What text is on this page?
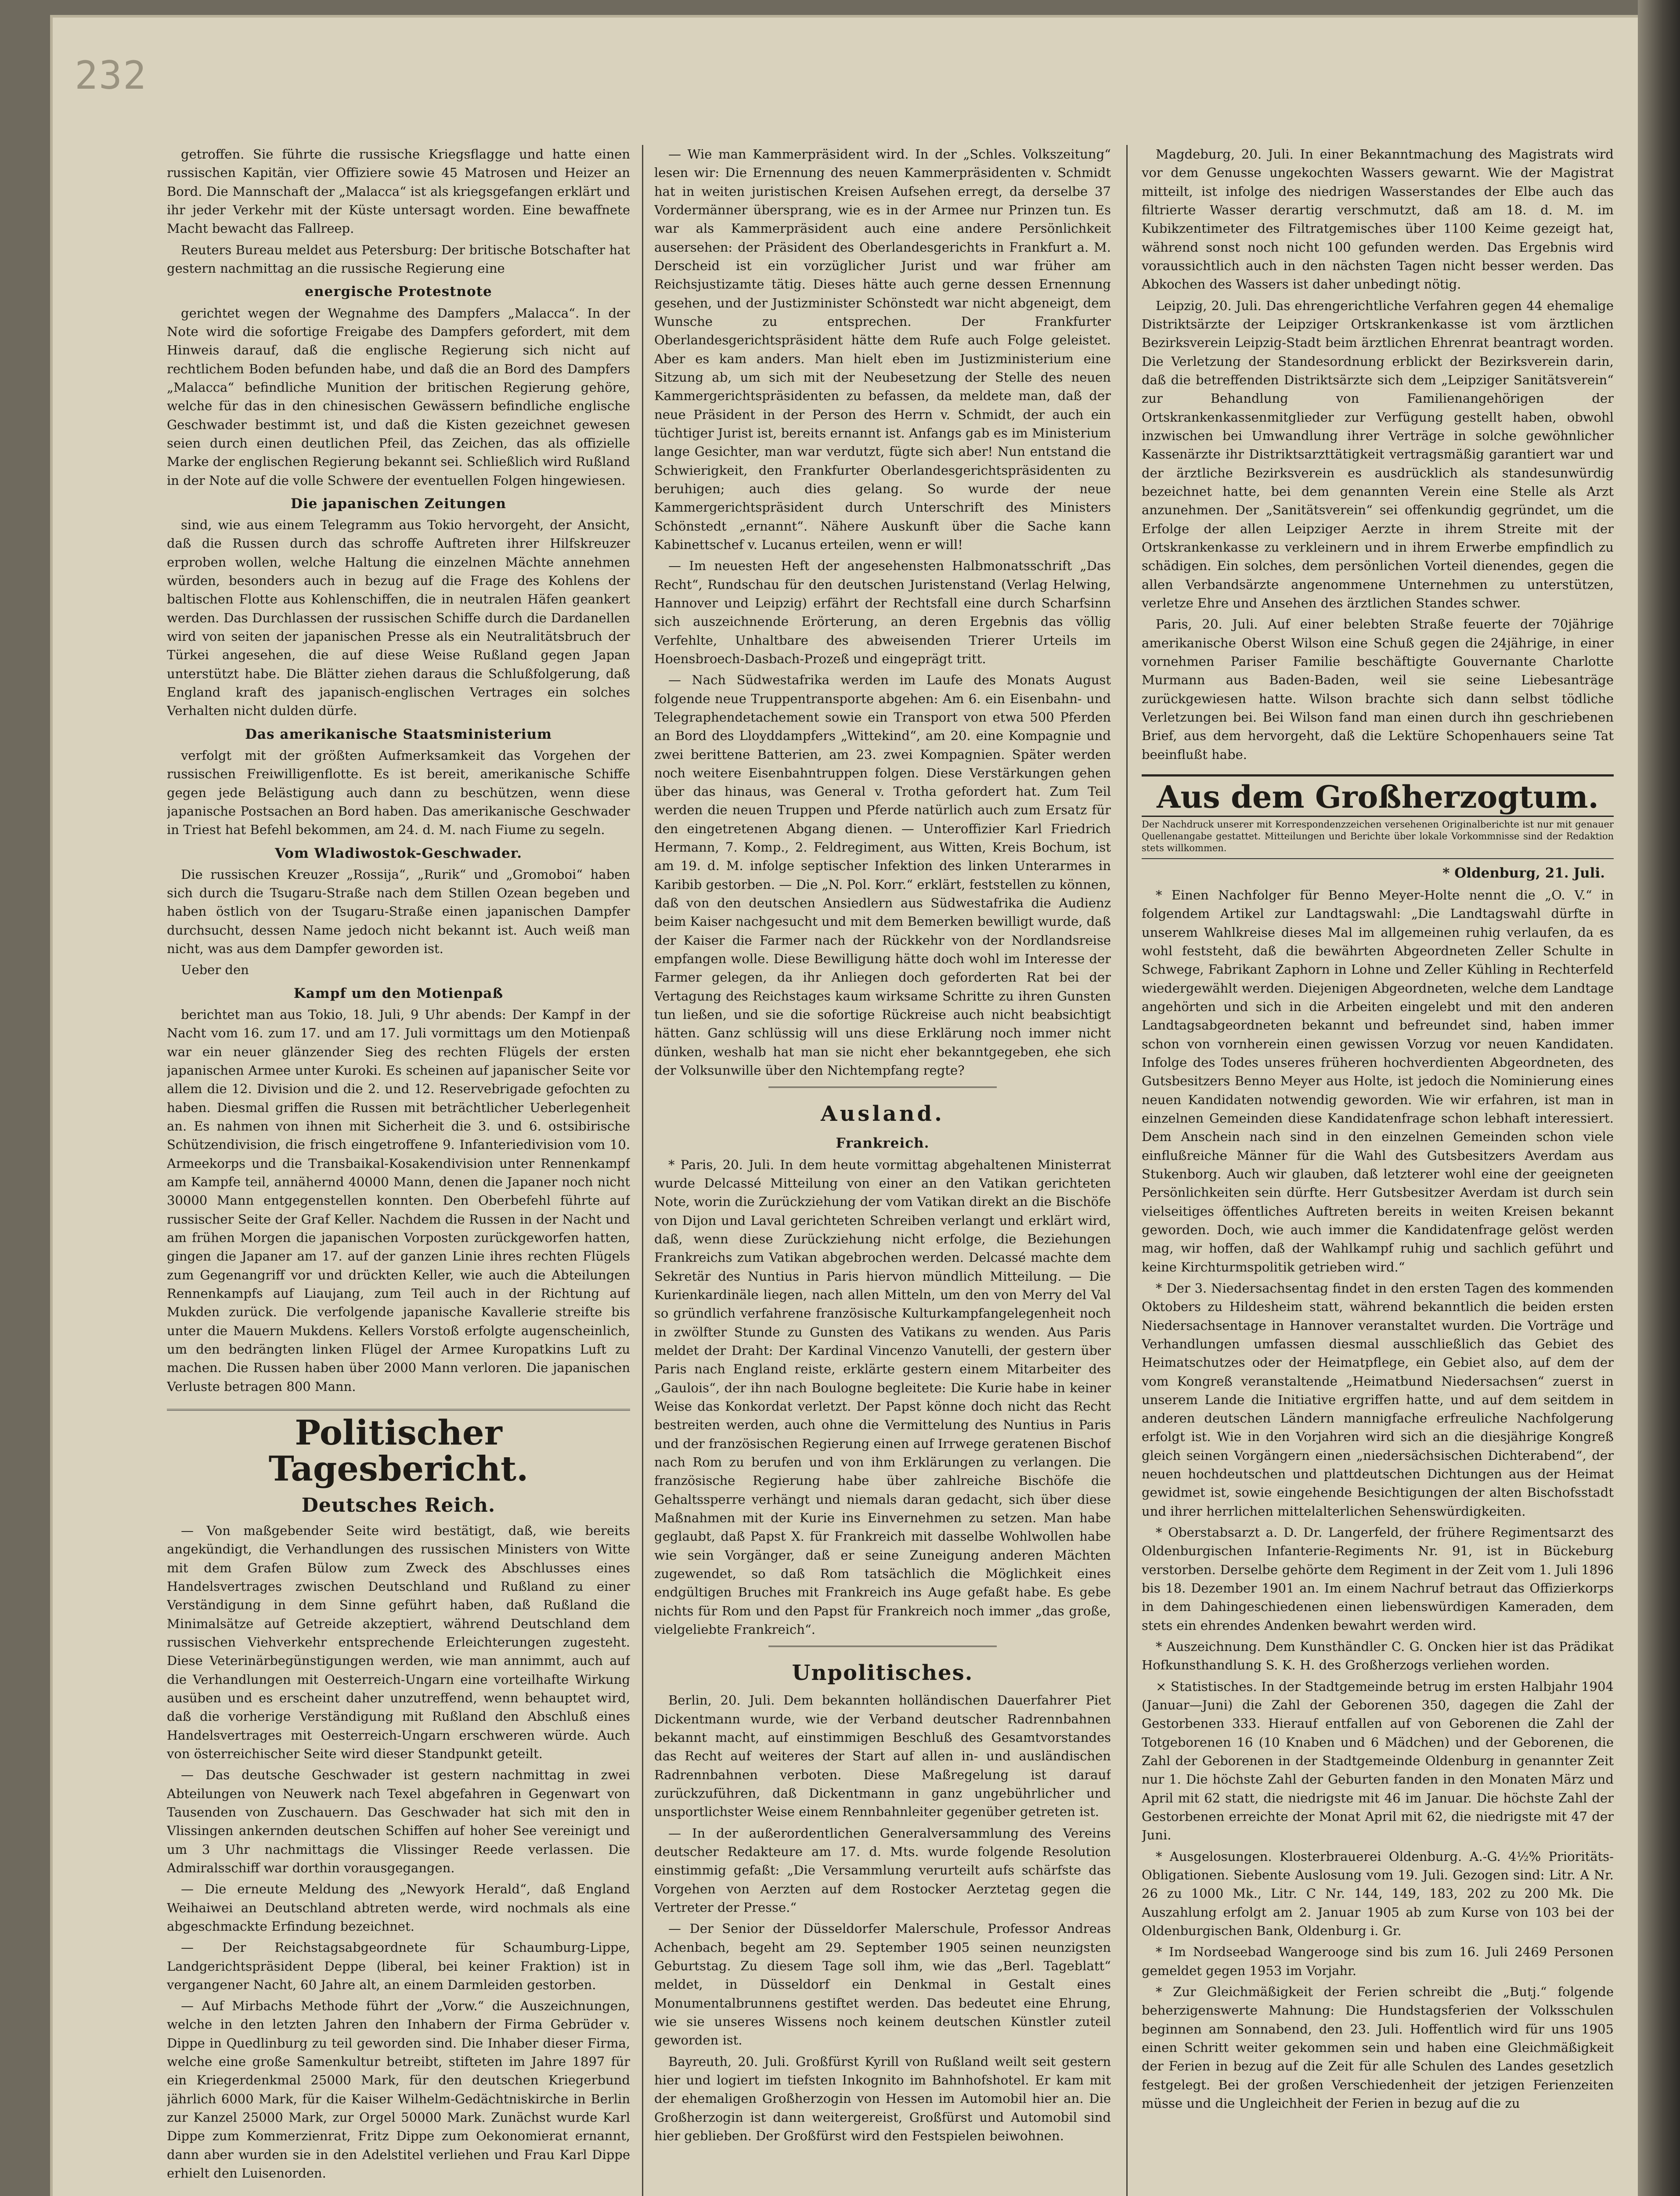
232

getroffen. Sie führte die russische Kriegsflagge und hatte einen russischen Kapitän, vier Offiziere sowie 45 Matrosen und Heizer an Bord. Die Mannschaft der „Malacca“ ist als kriegsgefangen erklärt und ihr jeder Verkehr mit der Küste untersagt worden. Eine bewaffnete Macht bewacht das Fallreep.

Reuters Bureau meldet aus Petersburg: Der britische Botschafter hat gestern nachmittag an die russische Regierung eine

energische Protestnote

gerichtet wegen der Wegnahme des Dampfers „Malacca“. In der Note wird die sofortige Freigabe des Dampfers gefordert, mit dem Hinweis darauf, daß die englische Regierung sich nicht auf rechtlichem Boden befunden habe, und daß die an Bord des Dampfers „Malacca“ befindliche Munition der britischen Regierung gehöre, welche für das in den chinesischen Gewässern befindliche englische Geschwader bestimmt ist, und daß die Kisten gezeichnet gewesen seien durch einen deutlichen Pfeil, das Zeichen, das als offizielle Marke der englischen Regierung bekannt sei. Schließlich wird Rußland in der Note auf die volle Schwere der eventuellen Folgen hingewiesen.

Die japanischen Zeitungen

sind, wie aus einem Telegramm aus Tokio hervorgeht, der Ansicht, daß die Russen durch das schroffe Auftreten ihrer Hilfskreuzer erproben wollen, welche Haltung die einzelnen Mächte annehmen würden, besonders auch in bezug auf die Frage des Kohlens der baltischen Flotte aus Kohlenschiffen, die in neutralen Häfen geankert werden. Das Durchlassen der russischen Schiffe durch die Dardanellen wird von seiten der japanischen Presse als ein Neutralitätsbruch der Türkei angesehen, die auf diese Weise Rußland gegen Japan unterstützt habe. Die Blätter ziehen daraus die Schlußfolgerung, daß England kraft des japanisch-englischen Vertrages ein solches Verhalten nicht dulden dürfe.

Das amerikanische Staatsministerium

verfolgt mit der größten Aufmerksamkeit das Vorgehen der russischen Freiwilligenflotte. Es ist bereit, amerikanische Schiffe gegen jede Belästigung auch dann zu beschützen, wenn diese japanische Postsachen an Bord haben. Das amerikanische Geschwader in Triest hat Befehl bekommen, am 24. d. M. nach Fiume zu segeln.

Vom Wladiwostok-Geschwader.

Die russischen Kreuzer „Rossija“, „Rurik“ und „Gromoboi“ haben sich durch die Tsugaru-Straße nach dem Stillen Ozean begeben und haben östlich von der Tsugaru-Straße einen japanischen Dampfer durchsucht, dessen Name jedoch nicht bekannt ist. Auch weiß man nicht, was aus dem Dampfer geworden ist.

Ueber den

Kampf um den Motienpaß

berichtet man aus Tokio, 18. Juli, 9 Uhr abends: Der Kampf in der Nacht vom 16. zum 17. und am 17. Juli vormittags um den Motienpaß war ein neuer glänzender Sieg des rechten Flügels der ersten japanischen Armee unter Kuroki. Es scheinen auf japanischer Seite vor allem die 12. Division und die 2. und 12. Reservebrigade gefochten zu haben. Diesmal griffen die Russen mit beträchtlicher Ueberlegenheit an. Es nahmen von ihnen mit Sicherheit die 3. und 6. ostsibirische Schützendivision, die frisch eingetroffene 9. Infanteriedivision vom 10. Armeekorps und die Transbaikal-Kosakendivision unter Rennenkampf am Kampfe teil, annähernd 40000 Mann, denen die Japaner noch nicht 30000 Mann entgegenstellen konnten. Den Oberbefehl führte auf russischer Seite der Graf Keller. Nachdem die Russen in der Nacht und am frühen Morgen die japanischen Vorposten zurückgeworfen hatten, gingen die Japaner am 17. auf der ganzen Linie ihres rechten Flügels zum Gegenangriff vor und drückten Keller, wie auch die Abteilungen Rennenkampfs auf Liaujang, zum Teil auch in der Richtung auf Mukden zurück. Die verfolgende japanische Kavallerie streifte bis unter die Mauern Mukdens. Kellers Vorstoß erfolgte augenscheinlich, um den bedrängten linken Flügel der Armee Kuropatkins Luft zu machen. Die Russen haben über 2000 Mann verloren. Die japanischen Verluste betragen 800 Mann.

Politischer Tagesbericht.
Deutsches Reich.

— Von maßgebender Seite wird bestätigt, daß, wie bereits angekündigt, die Verhandlungen des russischen Ministers von Witte mit dem Grafen Bülow zum Zweck des Abschlusses eines Handelsvertrages zwischen Deutschland und Rußland zu einer Verständigung in dem Sinne geführt haben, daß Rußland die Minimalsätze auf Getreide akzeptiert, während Deutschland dem russischen Viehverkehr entsprechende Erleichterungen zugesteht. Diese Veterinärbegünstigungen werden, wie man annimmt, auch auf die Verhandlungen mit Oesterreich-Ungarn eine vorteilhafte Wirkung ausüben und es erscheint daher unzutreffend, wenn behauptet wird, daß die vorherige Verständigung mit Rußland den Abschluß eines Handelsvertrages mit Oesterreich-Ungarn erschweren würde. Auch von österreichischer Seite wird dieser Standpunkt geteilt.

— Das deutsche Geschwader ist gestern nachmittag in zwei Abteilungen von Neuwerk nach Texel abgefahren in Gegenwart von Tausenden von Zuschauern. Das Geschwader hat sich mit den in Vlissingen ankernden deutschen Schiffen auf hoher See vereinigt und um 3 Uhr nachmittags die Vlissinger Reede verlassen. Die Admiralsschiff war dorthin vorausgegangen.

— Die erneute Meldung des „Newyork Herald“, daß England Weihaiwei an Deutschland abtreten werde, wird nochmals als eine abgeschmackte Erfindung bezeichnet.

— Der Reichstagsabgeordnete für Schaumburg-Lippe, Landgerichtspräsident Deppe (liberal, bei keiner Fraktion) ist in vergangener Nacht, 60 Jahre alt, an einem Darmleiden gestorben.

— Auf Mirbachs Methode führt der „Vorw.“ die Auszeichnungen, welche in den letzten Jahren den Inhabern der Firma Gebrüder v. Dippe in Quedlinburg zu teil geworden sind. Die Inhaber dieser Firma, welche eine große Samenkultur betreibt, stifteten im Jahre 1897 für ein Kriegerdenkmal 25000 Mark, für den deutschen Kriegerbund jährlich 6000 Mark, für die Kaiser Wilhelm-Gedächtniskirche in Berlin zur Kanzel 25000 Mark, zur Orgel 50000 Mark. Zunächst wurde Karl Dippe zum Kommerzienrat, Fritz Dippe zum Oekonomierat ernannt, dann aber wurden sie in den Adelstitel verliehen und Frau Karl Dippe erhielt den Luisenorden.

— Wie man Kammerpräsident wird. In der „Schles. Volkszeitung“ lesen wir: Die Ernennung des neuen Kammerpräsidenten v. Schmidt hat in weiten juristischen Kreisen Aufsehen erregt, da derselbe 37 Vordermänner übersprang, wie es in der Armee nur Prinzen tun. Es war als Kammerpräsident auch eine andere Persönlichkeit ausersehen: der Präsident des Oberlandesgerichts in Frankfurt a. M. Derscheid ist ein vorzüglicher Jurist und war früher am Reichsjustizamte tätig. Dieses hätte auch gerne dessen Ernennung gesehen, und der Justizminister Schönstedt war nicht abgeneigt, dem Wunsche zu entsprechen. Der Frankfurter Oberlandesgerichtspräsident hätte dem Rufe auch Folge geleistet. Aber es kam anders. Man hielt eben im Justizministerium eine Sitzung ab, um sich mit der Neubesetzung der Stelle des neuen Kammergerichtspräsidenten zu befassen, da meldete man, daß der neue Präsident in der Person des Herrn v. Schmidt, der auch ein tüchtiger Jurist ist, bereits ernannt ist. Anfangs gab es im Ministerium lange Gesichter, man war verdutzt, fügte sich aber! Nun entstand die Schwierigkeit, den Frankfurter Oberlandesgerichtspräsidenten zu beruhigen; auch dies gelang. So wurde der neue Kammergerichtspräsident durch Unterschrift des Ministers Schönstedt „ernannt“. Nähere Auskunft über die Sache kann Kabinettschef v. Lucanus erteilen, wenn er will!

— Im neuesten Heft der angesehensten Halbmonatsschrift „Das Recht“, Rundschau für den deutschen Juristenstand (Verlag Helwing, Hannover und Leipzig) erfährt der Rechtsfall eine durch Scharfsinn sich auszeichnende Erörterung, an deren Ergebnis das völlig Verfehlte, Unhaltbare des abweisenden Trierer Urteils im Hoensbroech-Dasbach-Prozeß und eingeprägt tritt.

— Nach Südwestafrika werden im Laufe des Monats August folgende neue Truppentransporte abgehen: Am 6. ein Eisenbahn- und Telegraphendetachement sowie ein Transport von etwa 500 Pferden an Bord des Lloyddampfers „Wittekind“, am 20. eine Kompagnie und zwei berittene Batterien, am 23. zwei Kompagnien. Später werden noch weitere Eisenbahntruppen folgen. Diese Verstärkungen gehen über das hinaus, was General v. Trotha gefordert hat. Zum Teil werden die neuen Truppen und Pferde natürlich auch zum Ersatz für den eingetretenen Abgang dienen. — Unteroffizier Karl Friedrich Hermann, 7. Komp., 2. Feldregiment, aus Witten, Kreis Bochum, ist am 19. d. M. infolge septischer Infektion des linken Unterarmes in Karibib gestorben. — Die „N. Pol. Korr.“ erklärt, feststellen zu können, daß von den deutschen Ansiedlern aus Südwestafrika die Audienz beim Kaiser nachgesucht und mit dem Bemerken bewilligt wurde, daß der Kaiser die Farmer nach der Rückkehr von der Nordlandsreise empfangen wolle. Diese Bewilligung hätte doch wohl im Interesse der Farmer gelegen, da ihr Anliegen doch geforderten Rat bei der Vertagung des Reichstages kaum wirksame Schritte zu ihren Gunsten tun ließen, und sie die sofortige Rückreise auch nicht beabsichtigt hätten. Ganz schlüssig will uns diese Erklärung noch immer nicht dünken, weshalb hat man sie nicht eher bekanntgegeben, ehe sich der Volksunwille über den Nichtempfang regte?

Ausland.
Frankreich.

* Paris, 20. Juli. In dem heute vormittag abgehaltenen Ministerrat wurde Delcassé Mitteilung von einer an den Vatikan gerichteten Note, worin die Zurückziehung der vom Vatikan direkt an die Bischöfe von Dijon und Laval gerichteten Schreiben verlangt und erklärt wird, daß, wenn diese Zurückziehung nicht erfolge, die Beziehungen Frankreichs zum Vatikan abgebrochen werden. Delcassé machte dem Sekretär des Nuntius in Paris hiervon mündlich Mitteilung. — Die Kurienkardinäle liegen, nach allen Mitteln, um den von Merry del Val so gründlich verfahrene französische Kulturkampfangelegenheit noch in zwölfter Stunde zu Gunsten des Vatikans zu wenden. Aus Paris meldet der Draht: Der Kardinal Vincenzo Vanutelli, der gestern über Paris nach England reiste, erklärte gestern einem Mitarbeiter des „Gaulois“, der ihn nach Boulogne begleitete: Die Kurie habe in keiner Weise das Konkordat verletzt. Der Papst könne doch nicht das Recht bestreiten werden, auch ohne die Vermittelung des Nuntius in Paris und der französischen Regierung einen auf Irrwege geratenen Bischof nach Rom zu berufen und von ihm Erklärungen zu verlangen. Die französische Regierung habe über zahlreiche Bischöfe die Gehaltssperre verhängt und niemals daran gedacht, sich über diese Maßnahmen mit der Kurie ins Einvernehmen zu setzen. Man habe geglaubt, daß Papst X. für Frankreich mit dasselbe Wohlwollen habe wie sein Vorgänger, daß er seine Zuneigung anderen Mächten zugewendet, so daß Rom tatsächlich die Möglichkeit eines endgültigen Bruches mit Frankreich ins Auge gefaßt habe. Es gebe nichts für Rom und den Papst für Frankreich noch immer „das große, vielgeliebte Frankreich“.

Unpolitisches.

Berlin, 20. Juli. Dem bekannten holländischen Dauerfahrer Piet Dickentmann wurde, wie der Verband deutscher Radrennbahnen bekannt macht, auf einstimmigen Beschluß des Gesamtvorstandes das Recht auf weiteres der Start auf allen in- und ausländischen Radrennbahnen verboten. Diese Maßregelung ist darauf zurückzuführen, daß Dickentmann in ganz ungebührlicher und unsportlichster Weise einem Rennbahnleiter gegenüber getreten ist.

— In der außerordentlichen Generalversammlung des Vereins deutscher Redakteure am 17. d. Mts. wurde folgende Resolution einstimmig gefaßt: „Die Versammlung verurteilt aufs schärfste das Vorgehen von Aerzten auf dem Rostocker Aerztetag gegen die Vertreter der Presse.“

— Der Senior der Düsseldorfer Malerschule, Professor Andreas Achenbach, begeht am 29. September 1905 seinen neunzigsten Geburtstag. Zu diesem Tage soll ihm, wie das „Berl. Tageblatt“ meldet, in Düsseldorf ein Denkmal in Gestalt eines Monumentalbrunnens gestiftet werden. Das bedeutet eine Ehrung, wie sie unseres Wissens noch keinem deutschen Künstler zuteil geworden ist.

Bayreuth, 20. Juli. Großfürst Kyrill von Rußland weilt seit gestern hier und logiert im tiefsten Inkognito im Bahnhofshotel. Er kam mit der ehemaligen Großherzogin von Hessen im Automobil hier an. Die Großherzogin ist dann weitergereist, Großfürst und Automobil sind hier geblieben. Der Großfürst wird den Festspielen beiwohnen.

Magdeburg, 20. Juli. In einer Bekanntmachung des Magistrats wird vor dem Genusse ungekochten Wassers gewarnt. Wie der Magistrat mitteilt, ist infolge des niedrigen Wasserstandes der Elbe auch das filtrierte Wasser derartig verschmutzt, daß am 18. d. M. im Kubikzentimeter des Filtratgemisches über 1100 Keime gezeigt hat, während sonst noch nicht 100 gefunden werden. Das Ergebnis wird voraussichtlich auch in den nächsten Tagen nicht besser werden. Das Abkochen des Wassers ist daher unbedingt nötig.

Leipzig, 20. Juli. Das ehrengerichtliche Verfahren gegen 44 ehemalige Distriktsärzte der Leipziger Ortskrankenkasse ist vom ärztlichen Bezirksverein Leipzig-Stadt beim ärztlichen Ehrenrat beantragt worden. Die Verletzung der Standesordnung erblickt der Bezirksverein darin, daß die betreffenden Distriktsärzte sich dem „Leipziger Sanitätsverein“ zur Behandlung von Familienangehörigen der Ortskrankenkassenmitglieder zur Verfügung gestellt haben, obwohl inzwischen bei Umwandlung ihrer Verträge in solche gewöhnlicher Kassenärzte ihr Distriktsarzttätigkeit vertragsmäßig garantiert war und der ärztliche Bezirksverein es ausdrücklich als standesunwürdig bezeichnet hatte, bei dem genannten Verein eine Stelle als Arzt anzunehmen. Der „Sanitätsverein“ sei offenkundig gegründet, um die Erfolge der allen Leipziger Aerzte in ihrem Streite mit der Ortskrankenkasse zu verkleinern und in ihrem Erwerbe empfindlich zu schädigen. Ein solches, dem persönlichen Vorteil dienendes, gegen die allen Verbandsärzte angenommene Unternehmen zu unterstützen, verletze Ehre und Ansehen des ärztlichen Standes schwer.

Paris, 20. Juli. Auf einer belebten Straße feuerte der 70jährige amerikanische Oberst Wilson eine Schuß gegen die 24jährige, in einer vornehmen Pariser Familie beschäftigte Gouvernante Charlotte Murmann aus Baden-Baden, weil sie seine Liebesanträge zurückgewiesen hatte. Wilson brachte sich dann selbst tödliche Verletzungen bei. Bei Wilson fand man einen durch ihn geschriebenen Brief, aus dem hervorgeht, daß die Lektüre Schopenhauers seine Tat beeinflußt habe.

Aus dem Großherzogtum.
Der Nachdruck unserer mit Korrespondenzzeichen versehenen Originalberichte ist nur mit genauer Quellenangabe gestattet. Mitteilungen und Berichte über lokale Vorkommnisse sind der Redaktion stets willkommen.
* Oldenburg, 21. Juli.

* Einen Nachfolger für Benno Meyer-Holte nennt die „O. V.“ in folgendem Artikel zur Landtagswahl: „Die Landtagswahl dürfte in unserem Wahlkreise dieses Mal im allgemeinen ruhig verlaufen, da es wohl feststeht, daß die bewährten Abgeordneten Zeller Schulte in Schwege, Fabrikant Zaphorn in Lohne und Zeller Kühling in Rechterfeld wiedergewählt werden. Diejenigen Abgeordneten, welche dem Landtage angehörten und sich in die Arbeiten eingelebt und mit den anderen Landtagsabgeordneten bekannt und befreundet sind, haben immer schon von vornherein einen gewissen Vorzug vor neuen Kandidaten. Infolge des Todes unseres früheren hochverdienten Abgeordneten, des Gutsbesitzers Benno Meyer aus Holte, ist jedoch die Nominierung eines neuen Kandidaten notwendig geworden. Wie wir erfahren, ist man in einzelnen Gemeinden diese Kandidatenfrage schon lebhaft interessiert. Dem Anschein nach sind in den einzelnen Gemeinden schon viele einflußreiche Männer für die Wahl des Gutsbesitzers Averdam aus Stukenborg. Auch wir glauben, daß letzterer wohl eine der geeigneten Persönlichkeiten sein dürfte. Herr Gutsbesitzer Averdam ist durch sein vielseitiges öffentliches Auftreten bereits in weiten Kreisen bekannt geworden. Doch, wie auch immer die Kandidatenfrage gelöst werden mag, wir hoffen, daß der Wahlkampf ruhig und sachlich geführt und keine Kirchturmspolitik getrieben wird.“

* Der 3. Niedersachsentag findet in den ersten Tagen des kommenden Oktobers zu Hildesheim statt, während bekanntlich die beiden ersten Niedersachsentage in Hannover veranstaltet wurden. Die Vorträge und Verhandlungen umfassen diesmal ausschließlich das Gebiet des Heimatschutzes oder der Heimatpflege, ein Gebiet also, auf dem der vom Kongreß veranstaltende „Heimatbund Niedersachsen“ zuerst in unserem Lande die Initiative ergriffen hatte, und auf dem seitdem in anderen deutschen Ländern mannigfache erfreuliche Nachfolgerung erfolgt ist. Wie in den Vorjahren wird sich an die diesjährige Kongreß gleich seinen Vorgängern einen „niedersächsischen Dichterabend“, der neuen hochdeutschen und plattdeutschen Dichtungen aus der Heimat gewidmet ist, sowie eingehende Besichtigungen der alten Bischofsstadt und ihrer herrlichen mittelalterlichen Sehenswürdigkeiten.

* Oberstabsarzt a. D. Dr. Langerfeld, der frühere Regimentsarzt des Oldenburgischen Infanterie-Regiments Nr. 91, ist in Bückeburg verstorben. Derselbe gehörte dem Regiment in der Zeit vom 1. Juli 1896 bis 18. Dezember 1901 an. Im einem Nachruf betraut das Offizierkorps in dem Dahingeschiedenen einen liebenswürdigen Kameraden, dem stets ein ehrendes Andenken bewahrt werden wird.

* Auszeichnung. Dem Kunsthändler C. G. Oncken hier ist das Prädikat Hofkunsthandlung S. K. H. des Großherzogs verliehen worden.

× Statistisches. In der Stadtgemeinde betrug im ersten Halbjahr 1904 (Januar—Juni) die Zahl der Geborenen 350, dagegen die Zahl der Gestorbenen 333. Hierauf entfallen auf von Geborenen die Zahl der Totgeborenen 16 (10 Knaben und 6 Mädchen) und der Geborenen, die Zahl der Geborenen in der Stadtgemeinde Oldenburg in genannter Zeit nur 1. Die höchste Zahl der Geburten fanden in den Monaten März und April mit 62 statt, die niedrigste mit 46 im Januar. Die höchste Zahl der Gestorbenen erreichte der Monat April mit 62, die niedrigste mit 47 der Juni.

* Ausgelosungen. Klosterbrauerei Oldenburg. A.-G. 4½% Prioritäts-Obligationen. Siebente Auslosung vom 19. Juli. Gezogen sind: Litr. A Nr. 26 zu 1000 Mk., Litr. C Nr. 144, 149, 183, 202 zu 200 Mk. Die Auszahlung erfolgt am 2. Januar 1905 ab zum Kurse von 103 bei der Oldenburgischen Bank, Oldenburg i. Gr.

* Im Nordseebad Wangerooge sind bis zum 16. Juli 2469 Personen gemeldet gegen 1953 im Vorjahr.

* Zur Gleichmäßigkeit der Ferien schreibt die „Butj.“ folgende beherzigenswerte Mahnung: Die Hundstagsferien der Volksschulen beginnen am Sonnabend, den 23. Juli. Hoffentlich wird für uns 1905 einen Schritt weiter gekommen sein und haben eine Gleichmäßigkeit der Ferien in bezug auf die Zeit für alle Schulen des Landes gesetzlich festgelegt. Bei der großen Verschiedenheit der jetzigen Ferienzeiten müsse und die Ungleichheit der Ferien in bezug auf die zu
